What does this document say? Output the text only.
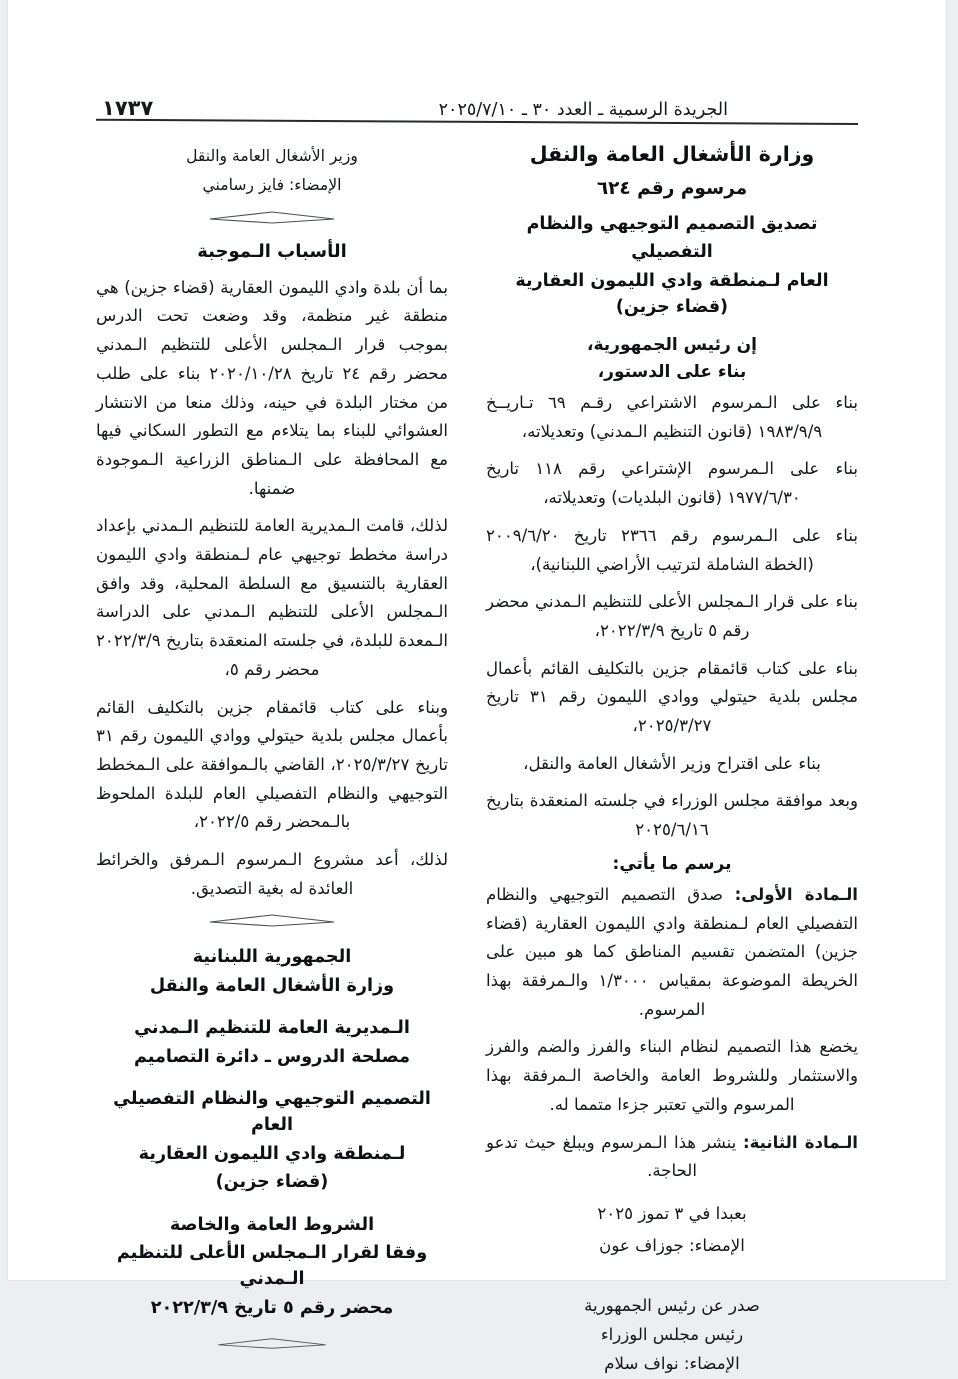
الجريدة الرسمية ـ العدد ٣٠ ـ ٢٠٢٥/٧/١٠
١٧٣٧
وزارة الأشغال العامة والنقل
مرسوم رقم ٦٢٤
تصديق التصميم التوجيهي والنظام التفصيلي
العام لـمنطقة وادي الليمون العقارية
(قضاء جزين)
إن رئيس الجمهورية،
بناء على الدستور،
بناء على الـمرسوم الاشتراعي رقـم ٦٩ تـاريــخ ١٩٨٣/٩/٩ (قانون التنظيم الـمدني) وتعديلاته،
بناء على الـمرسوم الإشتراعي رقم ١١٨ تاريخ ١٩٧٧/٦/٣٠ (قانون البلديات) وتعديلاته،
بناء على الـمرسوم رقم ٢٣٦٦ تاريخ ٢٠٠٩/٦/٢٠ (الخطة الشاملة لترتيب الأراضي اللبنانية)،
بناء على قرار الـمجلس الأعلى للتنظيم الـمدني محضر رقم ٥ تاريخ ٢٠٢٢/٣/٩،
بناء على كتاب قائمقام جزين بالتكليف القائم بأعمال مجلس بلدية حيتولي ووادي الليمون رقم ٣١ تاريخ ٢٠٢٥/٣/٢٧،
بناء على اقتراح وزير الأشغال العامة والنقل،
وبعد موافقة مجلس الوزراء في جلسته المنعقدة بتاريخ ٢٠٢٥/٦/١٦
يرسم ما يأتي:
الـمادة الأولى: صدق التصميم التوجيهي والنظام التفصيلي العام لـمنطقة وادي الليمون العقارية (قضاء جزين) المتضمن تقسيم المناطق كما هو مبين على الخريطة الموضوعة بمقياس ١/٣٠٠٠ والـمرفقة بهذا المرسوم.
يخضع هذا التصميم لنظام البناء والفرز والضم والفرز والاستثمار وللشروط العامة والخاصة الـمرفقة بهذا المرسوم والتي تعتبر جزءا متمما له.
الـمادة الثانية: ينشر هذا الـمرسوم ويبلغ حيث تدعو الحاجة.
بعبدا في ٣ تموز ٢٠٢٥
الإمضاء: جوزاف عون
صدر عن رئيس الجمهورية
رئيس مجلس الوزراء
الإمضاء: نواف سلام
وزير الأشغال العامة والنقل
الإمضاء: فايز رسامني
الأسباب الـموجبة
بما أن بلدة وادي الليمون العقارية (قضاء جزين) هي منطقة غير منظمة، وقد وضعت تحت الدرس بموجب قرار الـمجلس الأعلى للتنظيم الـمدني محضر رقم ٢٤ تاريخ ٢٠٢٠/١٠/٢٨ بناء على طلب من مختار البلدة في حينه، وذلك منعا من الانتشار العشوائي للبناء بما يتلاءم مع التطور السكاني فيها مع المحافظة على الـمناطق الزراعية الـموجودة ضمنها.
لذلك، قامت الـمديرية العامة للتنظيم الـمدني بإعداد دراسة مخطط توجيهي عام لـمنطقة وادي الليمون العقارية بالتنسيق مع السلطة المحلية، وقد وافق الـمجلس الأعلى للتنظيم الـمدني على الدراسة الـمعدة للبلدة، في جلسته المنعقدة بتاريخ ٢٠٢٢/٣/٩ محضر رقم ٥،
وبناء على كتاب قائمقام جزين بالتكليف القائم بأعمال مجلس بلدية حيتولي ووادي الليمون رقم ٣١ تاريخ ٢٠٢٥/٣/٢٧، القاضي بالـموافقة على الـمخطط التوجيهي والنظام التفصيلي العام للبلدة الملحوظ بالـمحضر رقم ٢٠٢٢/٥،
لذلك، أعد مشروع الـمرسوم الـمرفق والخرائط العائدة له بغية التصديق.
الجمهورية اللبنانية
وزارة الأشغال العامة والنقل
الـمديرية العامة للتنظيم الـمدني
مصلحة الدروس ـ دائرة التصاميم
التصميم التوجيهي والنظام التفصيلي العام
لـمنطقة وادي الليمون العقارية
(قضاء جزين)
الشروط العامة والخاصة
وفقا لقرار الـمجلس الأعلى للتنظيم الـمدني
محضر رقم ٥ تاريخ ٢٠٢٢/٣/٩
